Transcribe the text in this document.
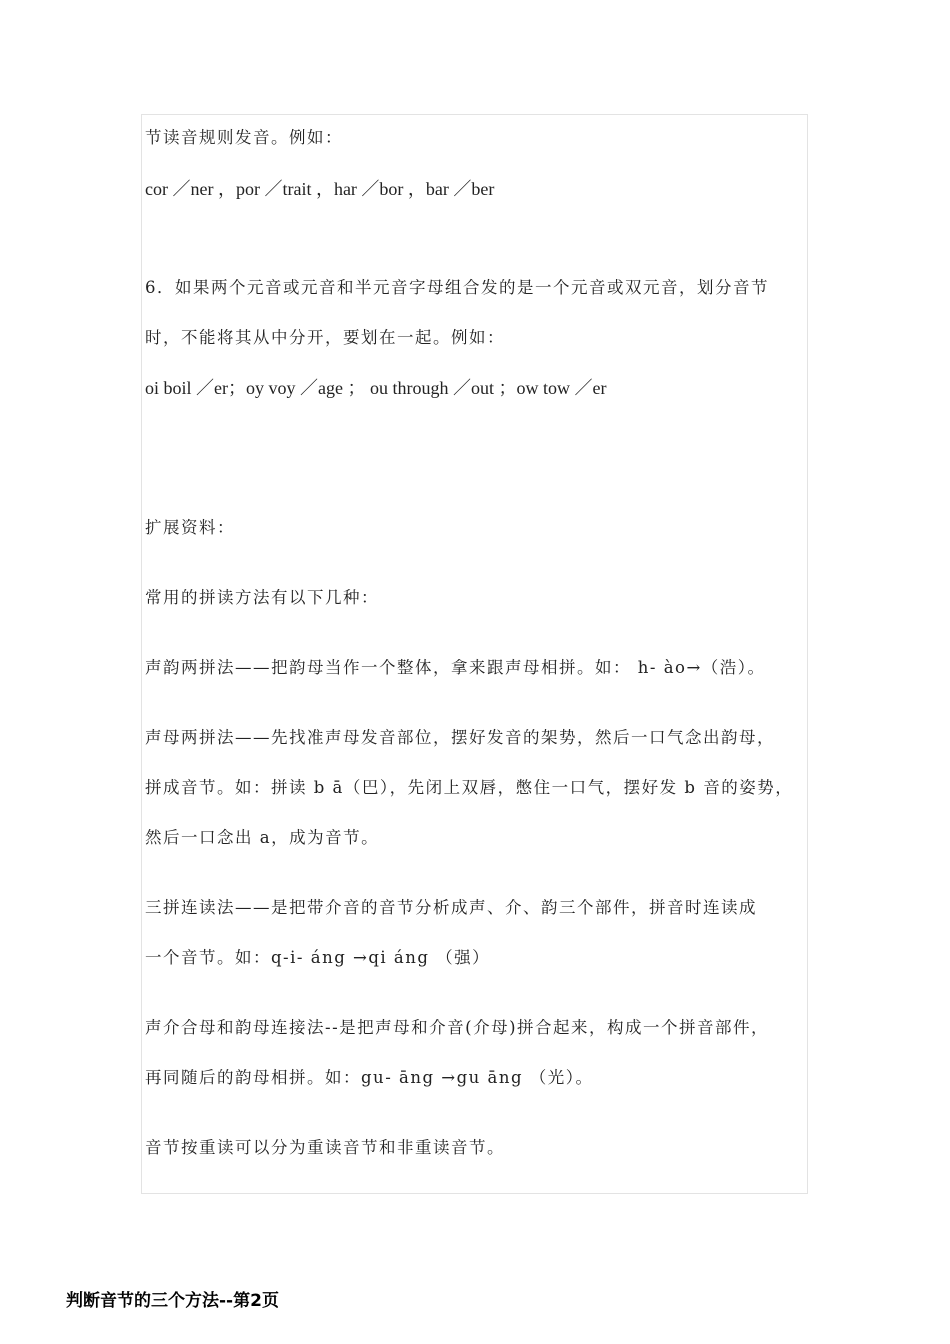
节读音规则发音。例如：
cor ／ner ，por ／trait ，har ／bor ，bar ／ber
6．如果两个元音或元音和半元音字母组合发的是一个元音或双元音，划分音节
时，不能将其从中分开，要划在一起。例如：
oi boil ／er；oy voy ／age ； ou through ／out ；ow tow ／er
扩展资料：
常用的拼读方法有以下几种：
声韵两拼法——把韵母当作一个整体，拿来跟声母相拼。如： h- ào→（浩）。
声母两拼法——先找准声母发音部位，摆好发音的架势，然后一口气念出韵母，
拼成音节。如：拼读 b ā（巴），先闭上双唇，憋住一口气，摆好发 b 音的姿势，
然后一口念出 a，成为音节。
三拼连读法——是把带介音的音节分析成声、介、韵三个部件，拼音时连读成
一个音节。如：q-i- áng →qi áng （强）
声介合母和韵母连接法--是把声母和介音(介母)拼合起来，构成一个拼音部件，
再同随后的韵母相拼。如：gu- āng →gu āng （光）。
音节按重读可以分为重读音节和非重读音节。
判断音节的三个方法--第2页
